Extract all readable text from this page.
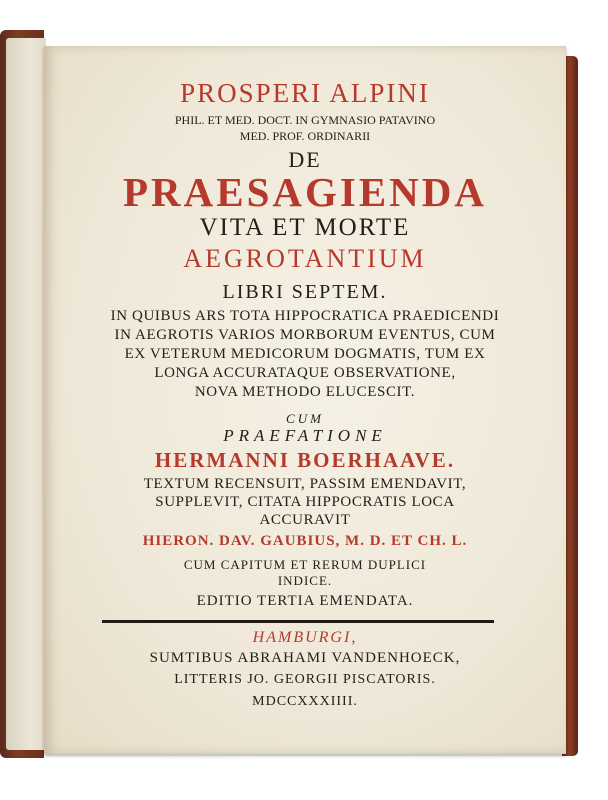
PROSPERI ALPINI
PHIL. ET MED. DOCT. IN GYMNASIO PATAVINO
MED. PROF. ORDINARII
DE
PRAESAGIENDA
VITA ET MORTE
AEGROTANTIUM
LIBRI SEPTEM.
IN QUIBUS ARS TOTA HIPPOCRATICA PRAEDICENDI
IN AEGROTIS VARIOS MORBORUM EVENTUS, CUM
EX VETERUM MEDICORUM DOGMATIS, TUM EX
LONGA ACCURATAQUE OBSERVATIONE,
NOVA METHODO ELUCESCIT.
CUM
PRAEFATIONE
HERMANNI BOERHAAVE.
TEXTUM RECENSUIT, PASSIM EMENDAVIT,
SUPPLEVIT, CITATA HIPPOCRATIS LOCA
ACCURAVIT
HIERON. DAV. GAUBIUS, M. D. ET CH. L.
CUM CAPITUM ET RERUM DUPLICI
INDICE.
EDITIO TERTIA EMENDATA.
HAMBURGI,
SUMTIBUS ABRAHAMI VANDENHOECK,
LITTERIS JO. GEORGII PISCATORIS.
MDCCXXXIIII.
